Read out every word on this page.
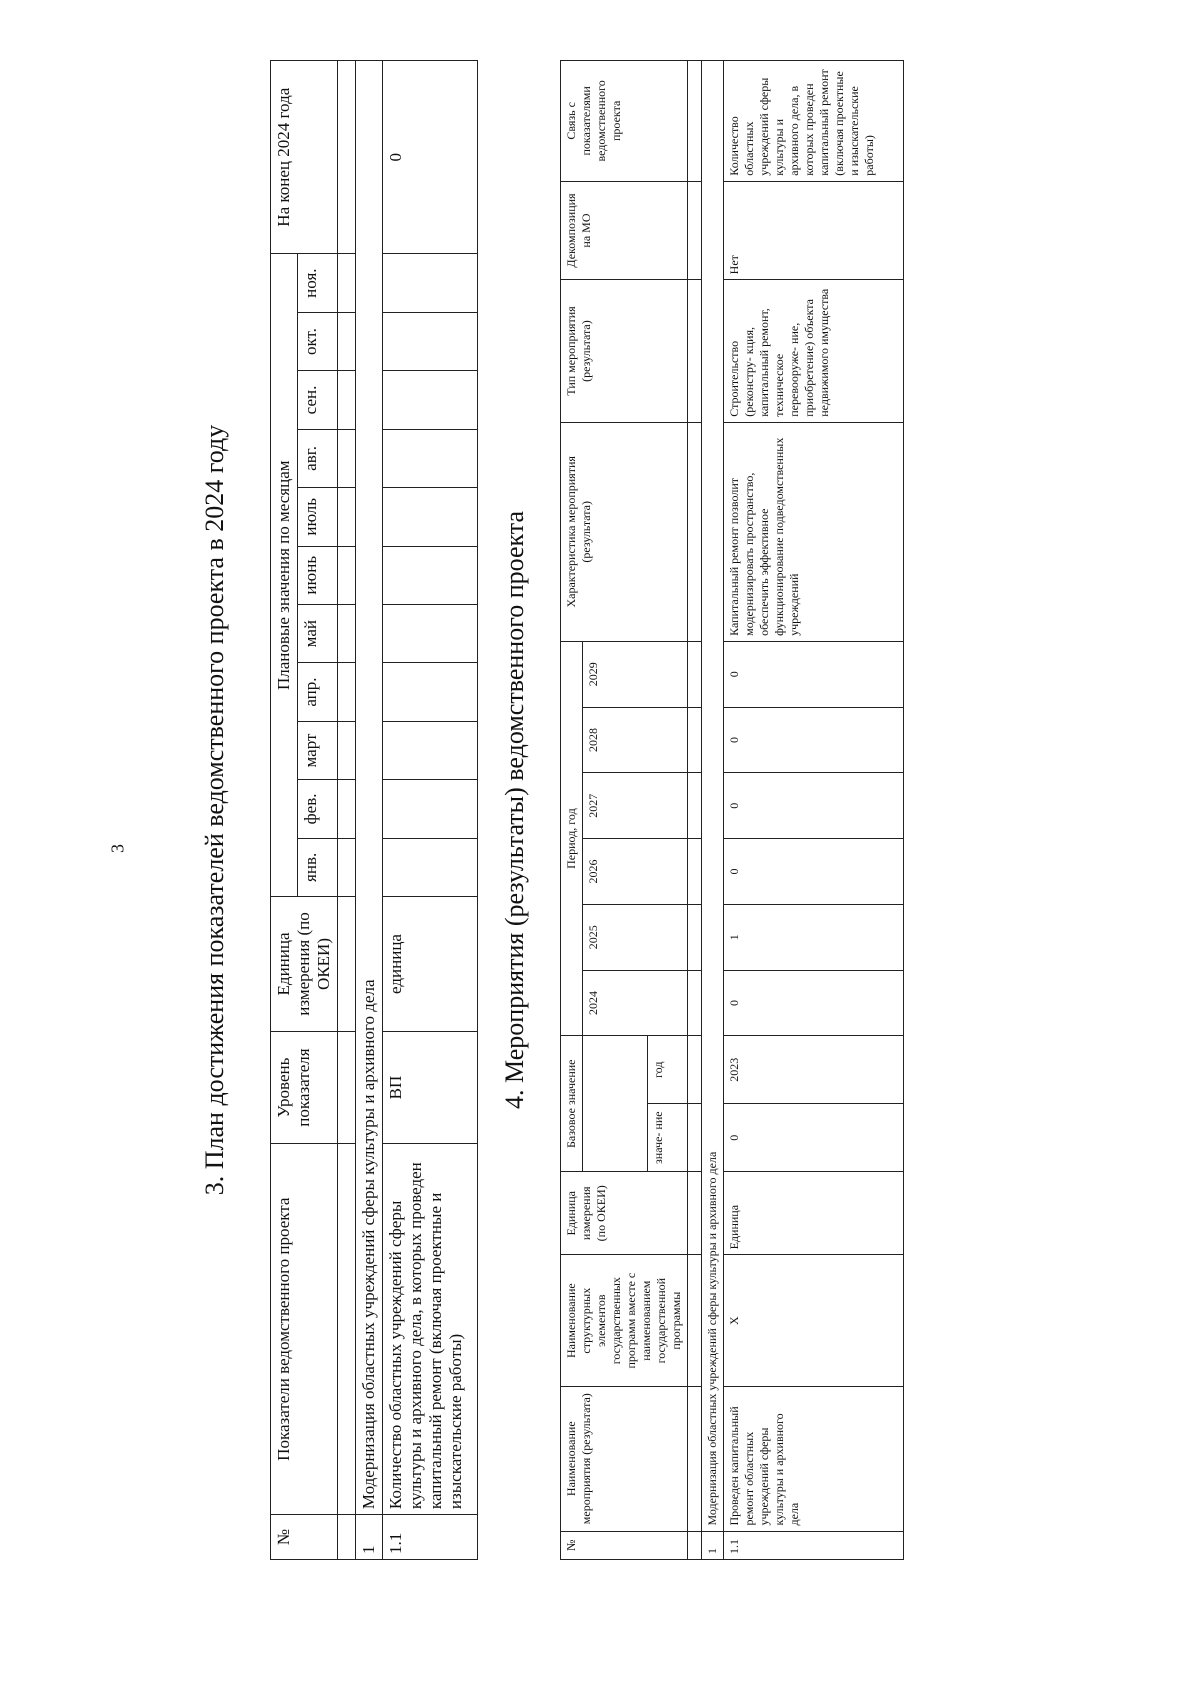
3	3. План достижения показателей ведомственного проекта в 2024 году
№	Показатели ведомственного проекта	Уровень показателя	Единица измерения (по ОКЕИ)	Плановые значения по месяцам											На конец 2024 года
				янв.	фев.	март	апр.	май	июнь	июль	авг.	сен.	окт.	ноя.	

1	Модернизация областных учреждений сферы культуры и архивного дела														
1.1	Количество областных учреждений сферы культуры и архивного дела, в которых проведен капитальный ремонт (включая проектные и изыскательские работы)	ВП	единица												0
4. Мероприятия (результаты) ведомственного проекта
№	Наименование мероприятия (результата)	Наименование структурных элементов государственных программ вместе с наименованием государственной программы	Единица измерения (по ОКЕИ)	Базовое значение		Период, год						Характеристика мероприятия (результата)	Тип мероприятия (результата)	Декомпозиция на МО	Связь с показателями ведомственного проекта
						2024	2025	2026	2027	2028	2029				
				значе- ние	год										

1	Модернизация областных учреждений сферы культуры и архивного дела														
1.1	Проведен капитальный ремонт областных учреждений сферы культуры и архивного дела	Х	Единица	0	2023	0	1	0	0	0	0	Капитальный ремонт позволит модернизировать пространство, обеспечить эффективное функционирование подведомственных учреждений	Строительство (реконстру- кция, капитальный ремонт, техническое перевооруже- ние, приобретение) объекта недвижимого имущества	Нет	Количество областных учреждений сферы культуры и архивного дела, в которых проведен капитальный ремонт (включая проектные и изыскательские работы)
